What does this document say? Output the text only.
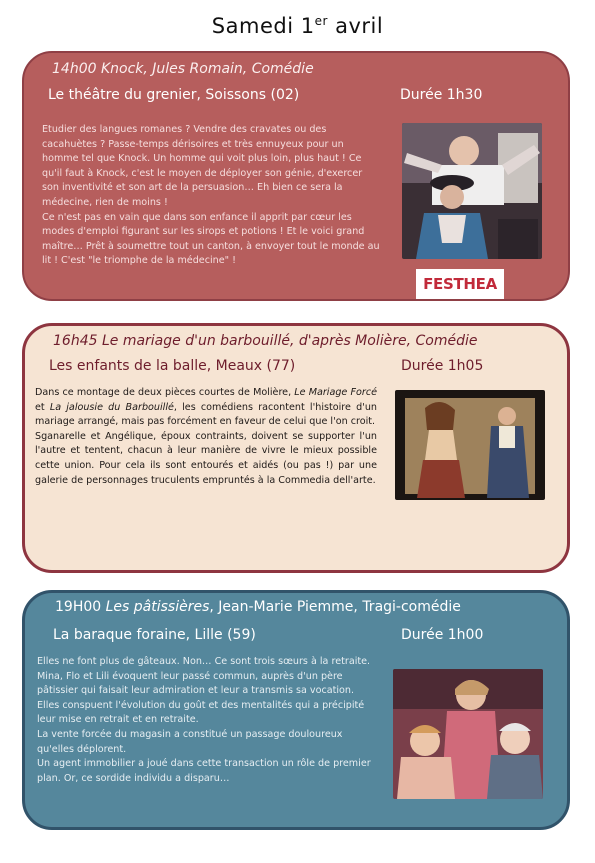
Samedi 1er avril
14h00 Knock, Jules Romain, Comédie
Le théâtre du grenier, Soissons (02)	Durée 1h30

Etudier des langues romanes ? Vendre des cravates ou des cacahuètes ? Passe-temps dérisoires et très ennuyeux pour un homme tel que Knock. Un homme qui voit plus loin, plus haut ! Ce qu'il faut à Knock, c'est le moyen de déployer son génie, d'exercer son inventivité et son art de la persuasion… Eh bien ce sera la médecine, rien de moins !

Ce n'est pas en vain que dans son enfance il apprit par cœur les modes d'emploi figurant sur les sirops et potions ! Et le voici grand maître… Prêt à soumettre tout un canton, à envoyer tout le monde au lit ! C'est "le triomphe de la médecine" !

FESTHEA
16h45 Le mariage d'un barbouillé, d'après Molière, Comédie
Les enfants de la balle, Meaux (77)	Durée 1h05

Dans ce montage de deux pièces courtes de Molière, Le Mariage Forcé et La jalousie du Barbouillé, les comédiens racontent l'histoire d'un mariage arrangé, mais pas forcément en faveur de celui que l'on croit.

Sganarelle et Angélique, époux contraints, doivent se supporter l'un l'autre et tentent, chacun à leur manière de vivre le mieux possible cette union. Pour cela ils sont entourés et aidés (ou pas !) par une galerie de personnages truculents empruntés à la Commedia dell'arte.

19H00 Les pâtissières, Jean-Marie Piemme, Tragi-comédie
La baraque foraine, Lille (59)	Durée 1h00

Elles ne font plus de gâteaux. Non… Ce sont trois sœurs à la retraite. Mina, Flo et Lili évoquent leur passé commun, auprès d'un père pâtissier qui faisait leur admiration et leur a transmis sa vocation.

Elles conspuent l'évolution du goût et des mentalités qui a précipité leur mise en retrait et en retraite.

La vente forcée du magasin a constitué un passage douloureux qu'elles déplorent.

Un agent immobilier a joué dans cette transaction un rôle de premier plan. Or, ce sordide individu a disparu…
